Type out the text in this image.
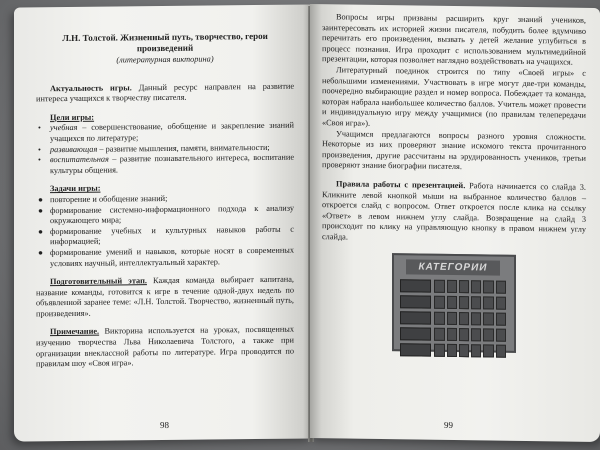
Л.Н. Толстой. Жизненный путь, творчество, герои произведений
(литературная викторина)

Актуальность игры. Данный ресурс направлен на развитие интереса учащихся к творчеству писателя.

Цели игры:

• учебная – совершенствование, обобщение и закрепление знаний учащихся по литературе;
• развивающая – развитие мышления, памяти, внимательности;
• воспитательная – развитие познавательного интереса, воспитание культуры общения.

Задачи игры:

● повторение и обобщение знаний;
● формирование системно-информационного подхода к анализу окружающего мира;
● формирование учебных и культурных навыков работы с информацией;
● формирование умений и навыков, которые носят в современных условиях научный, интеллектуальный характер.

Подготовительный этап. Каждая команда выбирает капитана, название команды, готовится к игре в течение одной-двух недель по объявленной заранее теме: «Л.Н. Толстой. Творчество, жизненный путь, произведения».

Примечание. Викторина используется на уроках, посвященных изучению творчества Льва Николаевича Толстого, а также при организации внеклассной работы по литературе. Игра проводится по правилам шоу «Своя игра».

98

Вопросы игры призваны расширить круг знаний учеников, заинтересовать их историей жизни писателя, побудить более вдумчиво перечитать его произведения, вызвать у детей желание углубиться в процесс познания. Игра проходит с использованием мультимедийной презентации, которая позволяет наглядно воздействовать на учащихся.

Литературный поединок строится по типу «Своей игры» с небольшими изменениями. Участвовать в игре могут две-три команды, поочередно выбирающие раздел и номер вопроса. Побеждает та команда, которая набрала наибольшее количество баллов. Учитель может провести и индивидуальную игру между учащимися (по правилам телепередачи «Своя игра»).

Учащимся предлагаются вопросы разного уровня сложности. Некоторые из них проверяют знание искомого текста прочитанного произведения, другие рассчитаны на эрудированность учеников, третьи проверяют знание биографии писателя.

Правила работы с презентацией. Работа начинается со слайда 3. Кликните левой кнопкой мыши на выбранное количество баллов – откроется слайд с вопросом. Ответ откроется после клика на ссылку «Ответ» в левом нижнем углу слайда. Возвращение на слайд 3 происходит по клику на управляющую кнопку в правом нижнем углу слайда.

КАТЕГОРИИ
99
